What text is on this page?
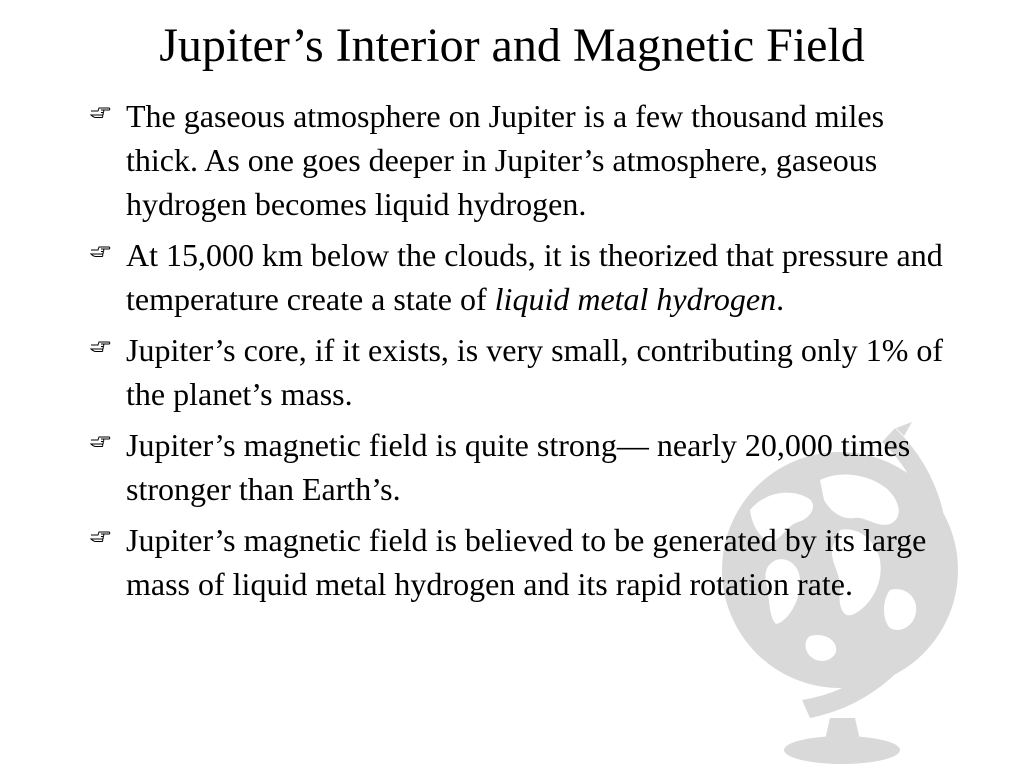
Jupiter’s Interior and Magnetic Field
The gaseous atmosphere on Jupiter is a few thousand miles thick. As one goes deeper in Jupiter’s atmosphere, gaseous hydrogen becomes liquid hydrogen.
At 15,000 km below the clouds, it is theorized that pressure and temperature create a state of liquid metal hydrogen.
Jupiter’s core, if it exists, is very small, contributing only 1% of the planet’s mass.
Jupiter’s magnetic field is quite strong— nearly 20,000 times stronger than Earth’s.
Jupiter’s magnetic field is believed to be generated by its large mass of liquid metal hydrogen and its rapid rotation rate.
